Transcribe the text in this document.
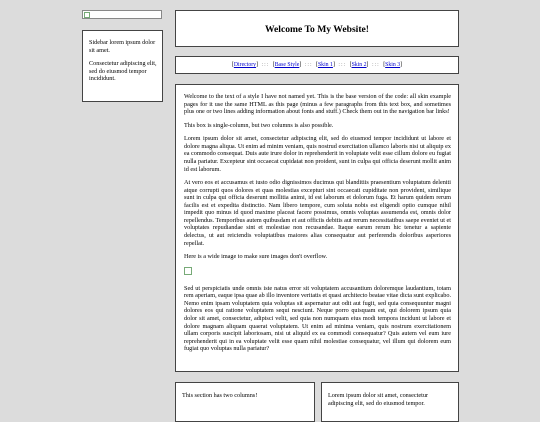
Sidebar lorem ipsum dolor sit amet.

Consectetur adipiscing elit, sed do eiusmod tempor incididunt.

Welcome To My Website!
[Directory] ::: [Base Style] ::: [Skin 1] ::: [Skin 2] ::: [Skin 3]

Welcome to the text of a style I have not named yet. This is the base version of the code: all skin example pages for it use the same HTML as this page (minus a few paragraphs from this text box, and sometimes plus one or two lines adding information about fonts and stuff.) Check them out in the navigation bar links!

This box is single-column, but two columns is also possible.

Lorem ipsum dolor sit amet, consectetur adipiscing elit, sed do eiusmod tempor incididunt ut labore et dolore magna aliqua. Ut enim ad minim veniam, quis nostrud exercitation ullamco laboris nisi ut aliquip ex ea commodo consequat. Duis aute irure dolor in reprehenderit in voluptate velit esse cillum dolore eu fugiat nulla pariatur. Excepteur sint occaecat cupidatat non proident, sunt in culpa qui officia deserunt mollit anim id est laborum.

At vero eos et accusamus et iusto odio dignissimos ducimus qui blanditiis praesentium voluptatum deleniti atque corrupti quos dolores et quas molestias excepturi sint occaecati cupiditate non provident, similique sunt in culpa qui officia deserunt mollitia animi, id est laborum et dolorum fuga. Et harum quidem rerum facilis est et expedita distinctio. Nam libero tempore, cum soluta nobis est eligendi optio cumque nihil impedit quo minus id quod maxime placeat facere possimus, omnis voluptas assumenda est, omnis dolor repellendus. Temporibus autem quibusdam et aut officiis debitis aut rerum necessitatibus saepe eveniet ut et voluptates repudiandae sint et molestiae non recusandae. Itaque earum rerum hic tenetur a sapiente delectus, ut aut reiciendis voluptatibus maiores alias consequatur aut perferendis doloribus asperiores repellat.

Here is a wide image to make sure images don't overflow.

Sed ut perspiciatis unde omnis iste natus error sit voluptatem accusantium doloremque laudantium, totam rem aperiam, eaque ipsa quae ab illo inventore veritatis et quasi architecto beatae vitae dicta sunt explicabo. Nemo enim ipsam voluptatem quia voluptas sit aspernatur aut odit aut fugit, sed quia consequuntur magni dolores eos qui ratione voluptatem sequi nesciunt. Neque porro quisquam est, qui dolorem ipsum quia dolor sit amet, consectetur, adipisci velit, sed quia non numquam eius modi tempora incidunt ut labore et dolore magnam aliquam quaerat voluptatem. Ut enim ad minima veniam, quis nostrum exercitationem ullam corporis suscipit laboriosam, nisi ut aliquid ex ea commodi consequatur? Quis autem vel eum iure reprehenderit qui in ea voluptate velit esse quam nihil molestiae consequatur, vel illum qui dolorem eum fugiat quo voluptas nulla pariatur?

This section has two columns!	Lorem ipsum dolor sit amet, consectetur adipiscing elit, sed do eiusmod tempor.
